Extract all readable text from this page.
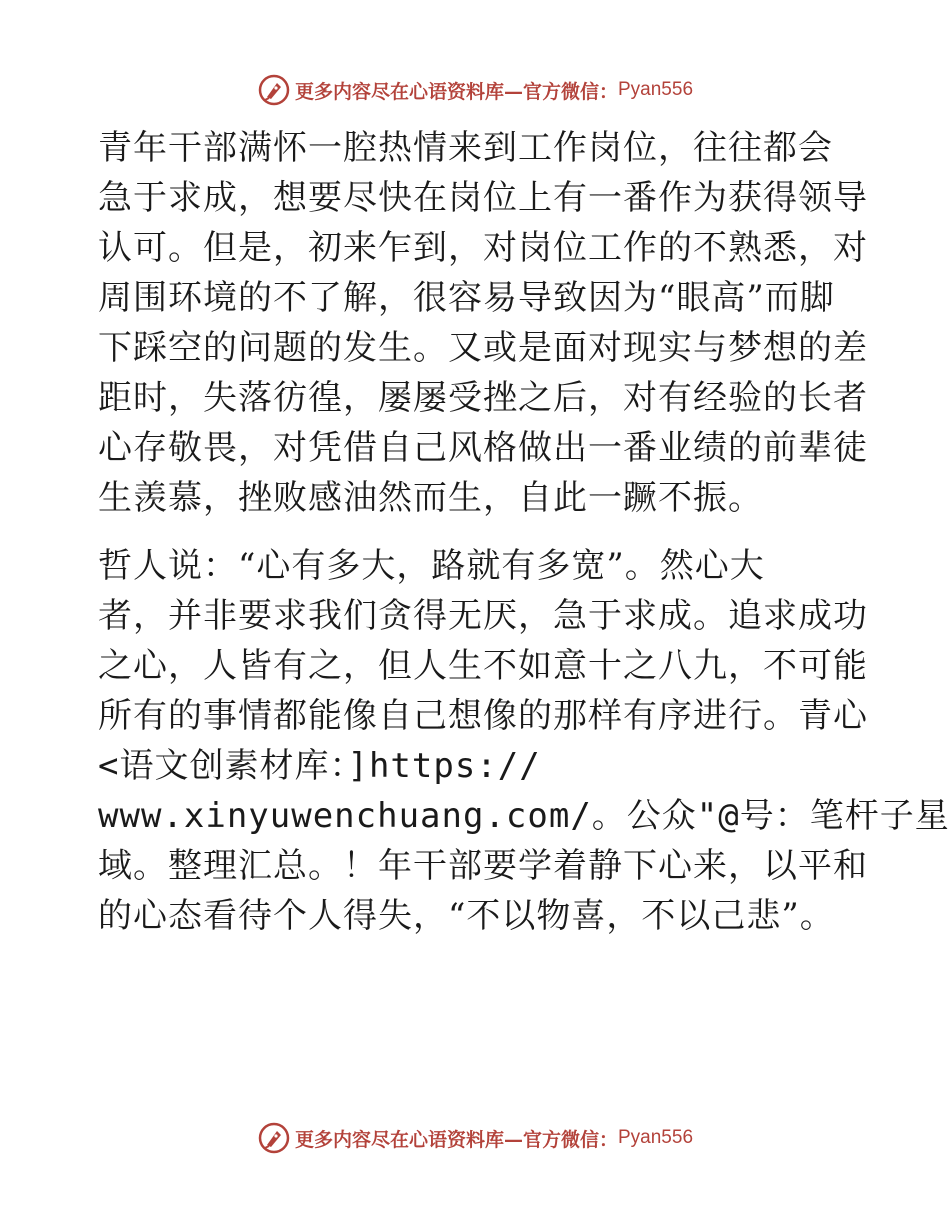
更多内容尽在心语资料库—官方微信： Pyan556
青年干部满怀一腔热情来到工作岗位，往往都会
急于求成，想要尽快在岗位上有一番作为获得领导
认可。但是，初来乍到，对岗位工作的不熟悉，对
周围环境的不了解，很容易导致因为“眼高”而脚
下踩空的问题的发生。又或是面对现实与梦想的差
距时，失落彷徨，屡屡受挫之后，对有经验的长者
心存敬畏，对凭借自己风格做出一番业绩的前辈徒
生羡慕，挫败感油然而生，自此一蹶不振。
哲人说：“心有多大，路就有多宽”。然心大
者，并非要求我们贪得无厌，急于求成。追求成功
之心，人皆有之，但人生不如意十之八九，不可能
所有的事情都能像自己想像的那样有序进行。青心
<语文创素材库：]https://
www.xinyuwenchuang.com/。公众"@号：笔杆子星
域。整理汇总。！年干部要学着静下心来，以平和
的心态看待个人得失，“不以物喜，不以己悲”。
更多内容尽在心语资料库—官方微信： Pyan556
